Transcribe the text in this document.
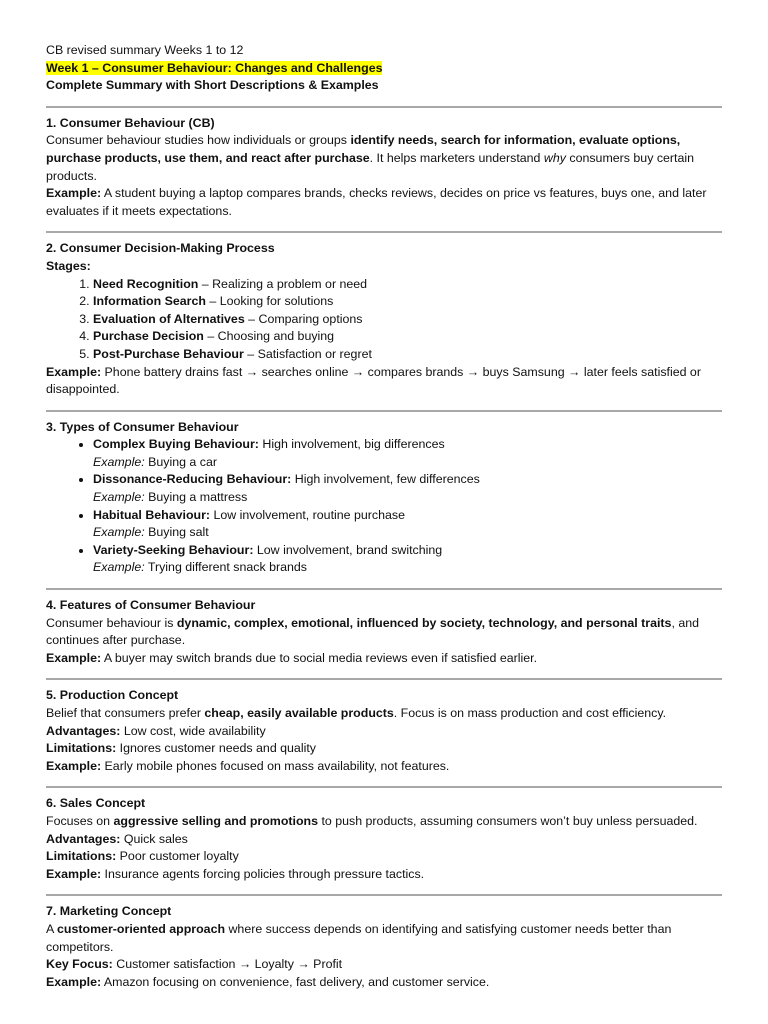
CB revised summary Weeks 1 to 12

Week 1 – Consumer Behaviour: Changes and Challenges

Complete Summary with Short Descriptions & Examples

1. Consumer Behaviour (CB)

Consumer behaviour studies how individuals or groups identify needs, search for information, evaluate options, purchase products, use them, and react after purchase. It helps marketers understand why consumers buy certain products.

Example: A student buying a laptop compares brands, checks reviews, decides on price vs features, buys one, and later evaluates if it meets expectations.

2. Consumer Decision-Making Process

Stages:

1. Need Recognition – Realizing a problem or need
2. Information Search – Looking for solutions
3. Evaluation of Alternatives – Comparing options
4. Purchase Decision – Choosing and buying
5. Post-Purchase Behaviour – Satisfaction or regret

Example: Phone battery drains fast → searches online → compares brands → buys Samsung → later feels satisfied or disappointed.

3. Types of Consumer Behaviour

• Complex Buying Behaviour: High involvement, big differences
Example: Buying a car
• Dissonance-Reducing Behaviour: High involvement, few differences
Example: Buying a mattress
• Habitual Behaviour: Low involvement, routine purchase
Example: Buying salt
• Variety-Seeking Behaviour: Low involvement, brand switching
Example: Trying different snack brands

4. Features of Consumer Behaviour

Consumer behaviour is dynamic, complex, emotional, influenced by society, technology, and personal traits, and continues after purchase.

Example: A buyer may switch brands due to social media reviews even if satisfied earlier.

5. Production Concept

Belief that consumers prefer cheap, easily available products. Focus is on mass production and cost efficiency.

Advantages: Low cost, wide availability

Limitations: Ignores customer needs and quality

Example: Early mobile phones focused on mass availability, not features.

6. Sales Concept

Focuses on aggressive selling and promotions to push products, assuming consumers won’t buy unless persuaded.

Advantages: Quick sales

Limitations: Poor customer loyalty

Example: Insurance agents forcing policies through pressure tactics.

7. Marketing Concept

A customer-oriented approach where success depends on identifying and satisfying customer needs better than competitors.

Key Focus: Customer satisfaction → Loyalty → Profit

Example: Amazon focusing on convenience, fast delivery, and customer service.
